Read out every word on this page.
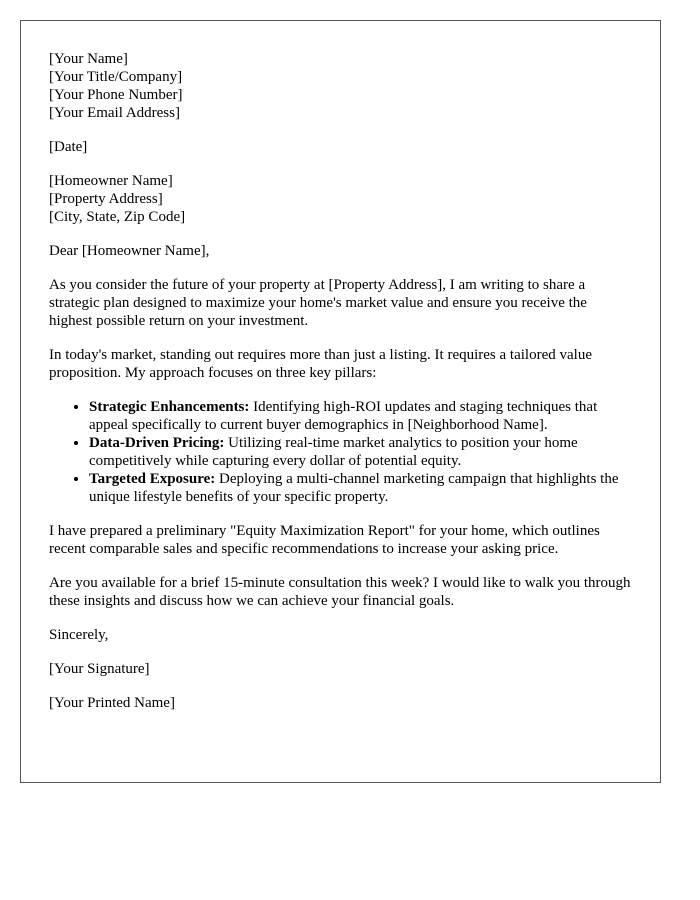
[Your Name]
[Your Title/Company]
[Your Phone Number]
[Your Email Address]

[Date]

[Homeowner Name]
[Property Address]
[City, State, Zip Code]

Dear [Homeowner Name],

As you consider the future of your property at [Property Address], I am writing to share a strategic plan designed to maximize your home's market value and ensure you receive the highest possible return on your investment.

In today's market, standing out requires more than just a listing. It requires a tailored value proposition. My approach focuses on three key pillars:

• Strategic Enhancements: Identifying high-ROI updates and staging techniques that appeal specifically to current buyer demographics in [Neighborhood Name].
• Data-Driven Pricing: Utilizing real-time market analytics to position your home competitively while capturing every dollar of potential equity.
• Targeted Exposure: Deploying a multi-channel marketing campaign that highlights the unique lifestyle benefits of your specific property.

I have prepared a preliminary "Equity Maximization Report" for your home, which outlines recent comparable sales and specific recommendations to increase your asking price.

Are you available for a brief 15-minute consultation this week? I would like to walk you through these insights and discuss how we can achieve your financial goals.

Sincerely,

[Your Signature]

[Your Printed Name]
